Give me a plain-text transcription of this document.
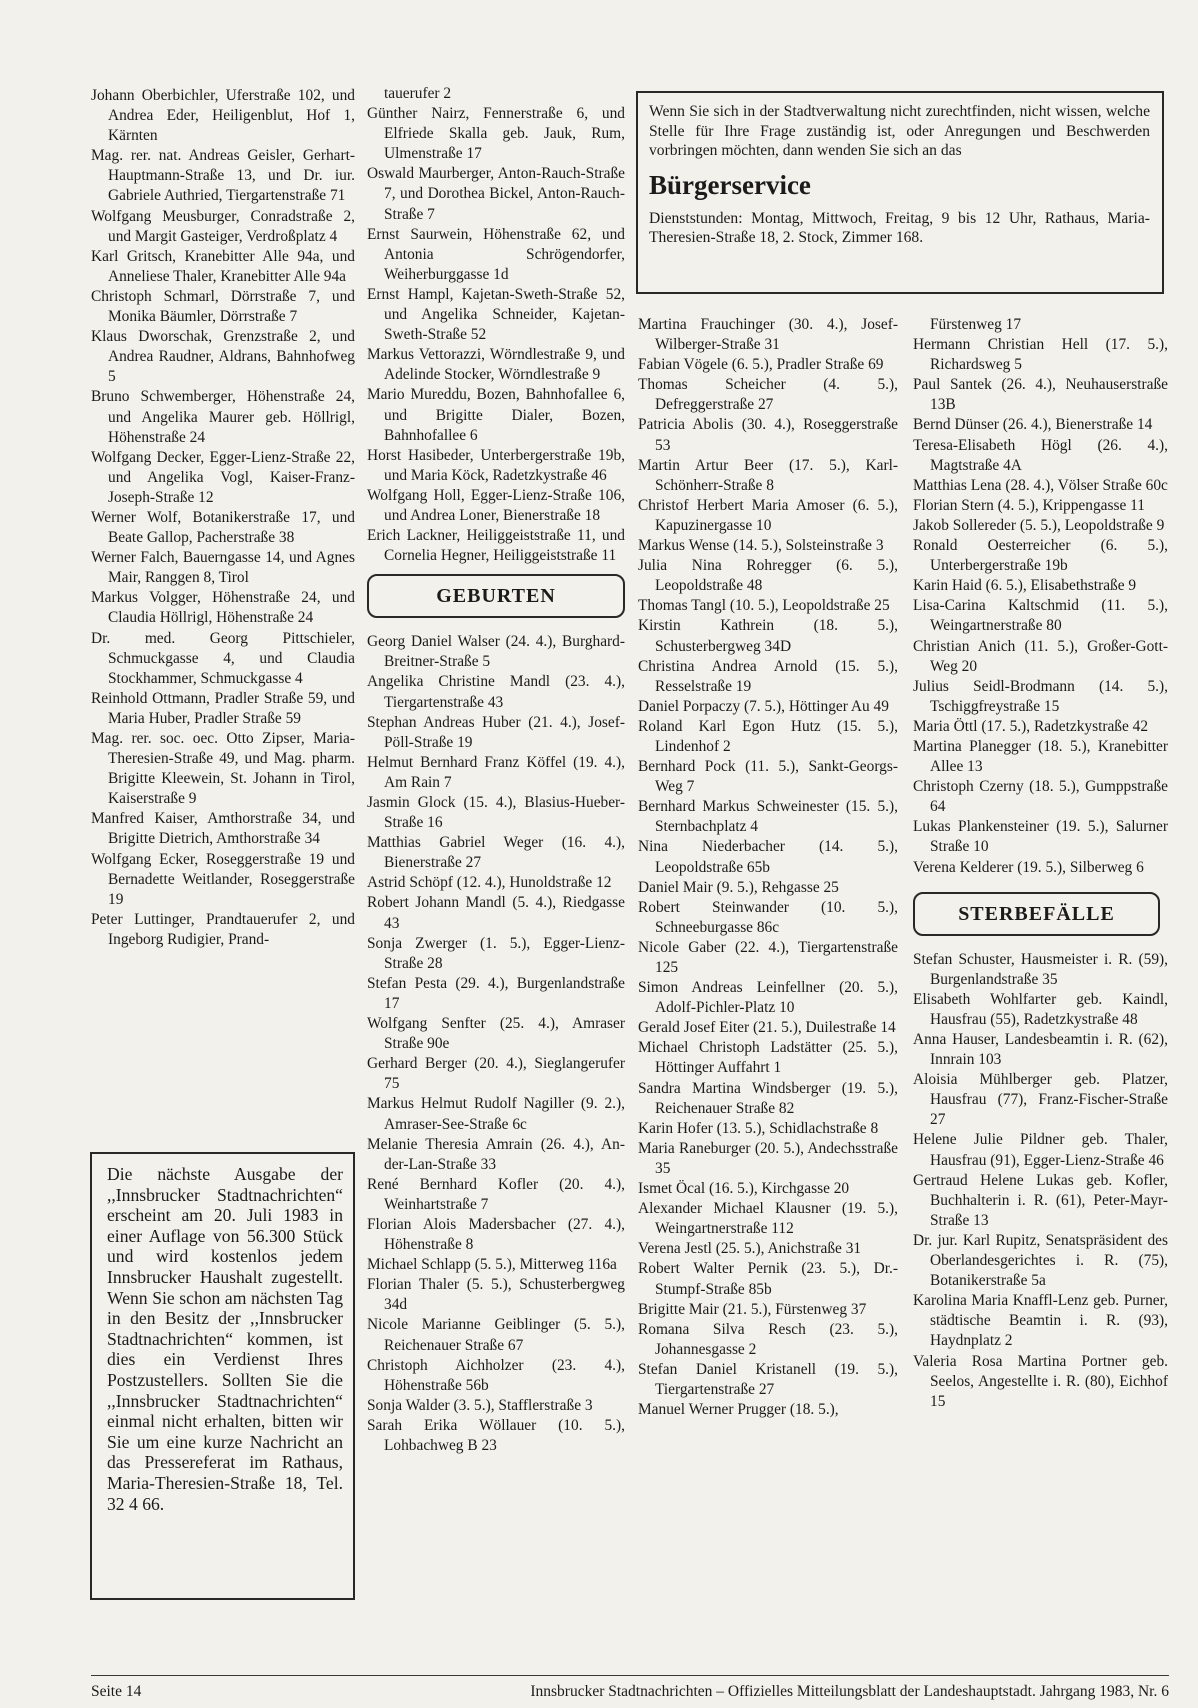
Johann Oberbichler, Uferstraße 102, und Andrea Eder, Heiligenblut, Hof 1, Kärnten

Mag. rer. nat. Andreas Geisler, Gerhart-Hauptmann-Straße 13, und Dr. iur. Gabriele Authried, Tiergartenstraße 71

Wolfgang Meusburger, Conradstraße 2, und Margit Gasteiger, Verdroßplatz 4

Karl Gritsch, Kranebitter Alle 94a, und Anneliese Thaler, Kranebitter Alle 94a

Christoph Schmarl, Dörrstraße 7, und Monika Bäumler, Dörrstraße 7

Klaus Dworschak, Grenzstraße 2, und Andrea Raudner, Aldrans, Bahnhofweg 5

Bruno Schwemberger, Höhenstraße 24, und Angelika Maurer geb. Höllrigl, Höhenstraße 24

Wolfgang Decker, Egger-Lienz-Straße 22, und Angelika Vogl, Kaiser-Franz-Joseph-Straße 12

Werner Wolf, Botanikerstraße 17, und Beate Gallop, Pacherstraße 38

Werner Falch, Bauerngasse 14, und Agnes Mair, Ranggen 8, Tirol

Markus Volgger, Höhenstraße 24, und Claudia Höllrigl, Höhenstraße 24

Dr. med. Georg Pittschieler, Schmuckgasse 4, und Claudia Stockhammer, Schmuckgasse 4

Reinhold Ottmann, Pradler Straße 59, und Maria Huber, Pradler Straße 59

Mag. rer. soc. oec. Otto Zipser, Maria-Theresien-Straße 49, und Mag. pharm. Brigitte Kleewein, St. Johann in Tirol, Kaiserstraße 9

Manfred Kaiser, Amthorstraße 34, und Brigitte Dietrich, Amthorstraße 34

Wolfgang Ecker, Roseggerstraße 19 und Bernadette Weitlander, Roseggerstraße 19

Peter Luttinger, Prandtauerufer 2, und Ingeborg Rudigier, Prand-

Die nächste Ausgabe der ,,Innsbrucker Stadtnachrichten“ erscheint am 20. Juli 1983 in einer Auflage von 56.300 Stück und wird kostenlos jedem Innsbrucker Haushalt zugestellt. Wenn Sie schon am nächsten Tag in den Besitz der ,,Innsbrucker Stadtnachrichten“ kommen, ist dies ein Verdienst Ihres Postzustellers. Sollten Sie die ,,Innsbrucker Stadtnachrichten“ einmal nicht erhalten, bitten wir Sie um eine kurze Nachricht an das Pressereferat im Rathaus, Maria-Theresien-Straße 18, Tel. 32 4 66.

tauerufer 2

Günther Nairz, Fennerstraße 6, und Elfriede Skalla geb. Jauk, Rum, Ulmenstraße 17

Oswald Maurberger, Anton-Rauch-Straße 7, und Dorothea Bickel, Anton-Rauch-Straße 7

Ernst Saurwein, Höhenstraße 62, und Antonia Schrögendorfer, Weiherburggasse 1d

Ernst Hampl, Kajetan-Sweth-Straße 52, und Angelika Schneider, Kajetan-Sweth-Straße 52

Markus Vettorazzi, Wörndlestraße 9, und Adelinde Stocker, Wörndlestraße 9

Mario Mureddu, Bozen, Bahnhofallee 6, und Brigitte Dialer, Bozen, Bahnhofallee 6

Horst Hasibeder, Unterbergerstraße 19b, und Maria Köck, Radetzkystraße 46

Wolfgang Holl, Egger-Lienz-Straße 106, und Andrea Loner, Bienerstraße 18

Erich Lackner, Heiliggeiststraße 11, und Cornelia Hegner, Heiliggeiststraße 11

GEBURTEN

Georg Daniel Walser (24. 4.), Burghard-Breitner-Straße 5

Angelika Christine Mandl (23. 4.), Tiergartenstraße 43

Stephan Andreas Huber (21. 4.), Josef-Pöll-Straße 19

Helmut Bernhard Franz Köffel (19. 4.), Am Rain 7

Jasmin Glock (15. 4.), Blasius-Hueber-Straße 16

Matthias Gabriel Weger (16. 4.), Bienerstraße 27

Astrid Schöpf (12. 4.), Hunoldstraße 12

Robert Johann Mandl (5. 4.), Riedgasse 43

Sonja Zwerger (1. 5.), Egger-Lienz-Straße 28

Stefan Pesta (29. 4.), Burgenlandstraße 17

Wolfgang Senfter (25. 4.), Amraser Straße 90e

Gerhard Berger (20. 4.), Sieglangerufer 75

Markus Helmut Rudolf Nagiller (9. 2.), Amraser-See-Straße 6c

Melanie Theresia Amrain (26. 4.), An-der-Lan-Straße 33

René Bernhard Kofler (20. 4.), Weinhartstraße 7

Florian Alois Madersbacher (27. 4.), Höhenstraße 8

Michael Schlapp (5. 5.), Mitterweg 116a

Florian Thaler (5. 5.), Schusterbergweg 34d

Nicole Marianne Geiblinger (5. 5.), Reichenauer Straße 67

Christoph Aichholzer (23. 4.), Höhenstraße 56b

Sonja Walder (3. 5.), Stafflerstraße 3

Sarah Erika Wöllauer (10. 5.), Lohbachweg B 23

Wenn Sie sich in der Stadtverwaltung nicht zurechtfinden, nicht wissen, welche Stelle für Ihre Frage zuständig ist, oder Anregungen und Beschwerden vorbringen möchten, dann wenden Sie sich an das

Bürgerservice

Dienststunden: Montag, Mittwoch, Freitag, 9 bis 12 Uhr, Rathaus, Maria-Theresien-Straße 18, 2. Stock, Zimmer 168.

Martina Frauchinger (30. 4.), Josef-Wilberger-Straße 31

Fabian Vögele (6. 5.), Pradler Straße 69

Thomas Scheicher (4. 5.), Defreggerstraße 27

Patricia Abolis (30. 4.), Roseggerstraße 53

Martin Artur Beer (17. 5.), Karl-Schönherr-Straße 8

Christof Herbert Maria Amoser (6. 5.), Kapuzinergasse 10

Markus Wense (14. 5.), Solsteinstraße 3

Julia Nina Rohregger (6. 5.), Leopoldstraße 48

Thomas Tangl (10. 5.), Leopoldstraße 25

Kirstin Kathrein (18. 5.), Schusterbergweg 34D

Christina Andrea Arnold (15. 5.), Resselstraße 19

Daniel Porpaczy (7. 5.), Höttinger Au 49

Roland Karl Egon Hutz (15. 5.), Lindenhof 2

Bernhard Pock (11. 5.), Sankt-Georgs-Weg 7

Bernhard Markus Schweinester (15. 5.), Sternbachplatz 4

Nina Niederbacher (14. 5.), Leopoldstraße 65b

Daniel Mair (9. 5.), Rehgasse 25

Robert Steinwander (10. 5.), Schneeburgasse 86c

Nicole Gaber (22. 4.), Tiergartenstraße 125

Simon Andreas Leinfellner (20. 5.), Adolf-Pichler-Platz 10

Gerald Josef Eiter (21. 5.), Duilestraße 14

Michael Christoph Ladstätter (25. 5.), Höttinger Auffahrt 1

Sandra Martina Windsberger (19. 5.), Reichenauer Straße 82

Karin Hofer (13. 5.), Schidlachstraße 8

Maria Raneburger (20. 5.), Andechsstraße 35

Ismet Öcal (16. 5.), Kirchgasse 20

Alexander Michael Klausner (19. 5.), Weingartnerstraße 112

Verena Jestl (25. 5.), Anichstraße 31

Robert Walter Pernik (23. 5.), Dr.-Stumpf-Straße 85b

Brigitte Mair (21. 5.), Fürstenweg 37

Romana Silva Resch (23. 5.), Johannesgasse 2

Stefan Daniel Kristanell (19. 5.), Tiergartenstraße 27

Manuel Werner Prugger (18. 5.),

Fürstenweg 17

Hermann Christian Hell (17. 5.), Richardsweg 5

Paul Santek (26. 4.), Neuhauserstraße 13B

Bernd Dünser (26. 4.), Bienerstraße 14

Teresa-Elisabeth Högl (26. 4.), Magtstraße 4A

Matthias Lena (28. 4.), Völser Straße 60c

Florian Stern (4. 5.), Krippengasse 11

Jakob Sollereder (5. 5.), Leopoldstraße 9

Ronald Oesterreicher (6. 5.), Unterbergerstraße 19b

Karin Haid (6. 5.), Elisabethstraße 9

Lisa-Carina Kaltschmid (11. 5.), Weingartnerstraße 80

Christian Anich (11. 5.), Großer-Gott-Weg 20

Julius Seidl-Brodmann (14. 5.), Tschiggfreystraße 15

Maria Öttl (17. 5.), Radetzkystraße 42

Martina Planegger (18. 5.), Kranebitter Allee 13

Christoph Czerny (18. 5.), Gumppstraße 64

Lukas Plankensteiner (19. 5.), Salurner Straße 10

Verena Kelderer (19. 5.), Silberweg 6

STERBEFÄLLE

Stefan Schuster, Hausmeister i. R. (59), Burgenlandstraße 35

Elisabeth Wohlfarter geb. Kaindl, Hausfrau (55), Radetzkystraße 48

Anna Hauser, Landesbeamtin i. R. (62), Innrain 103

Aloisia Mühlberger geb. Platzer, Hausfrau (77), Franz-Fischer-Straße 27

Helene Julie Pildner geb. Thaler, Hausfrau (91), Egger-Lienz-Straße 46

Gertraud Helene Lukas geb. Kofler, Buchhalterin i. R. (61), Peter-Mayr-Straße 13

Dr. jur. Karl Rupitz, Senatspräsident des Oberlandesgerichtes i. R. (75), Botanikerstraße 5a

Karolina Maria Knaffl-Lenz geb. Purner, städtische Beamtin i. R. (93), Haydnplatz 2

Valeria Rosa Martina Portner geb. Seelos, Angestellte i. R. (80), Eichhof 15

Seite 14	Innsbrucker Stadtnachrichten – Offizielles Mitteilungsblatt der Landeshauptstadt. Jahrgang 1983, Nr. 6
